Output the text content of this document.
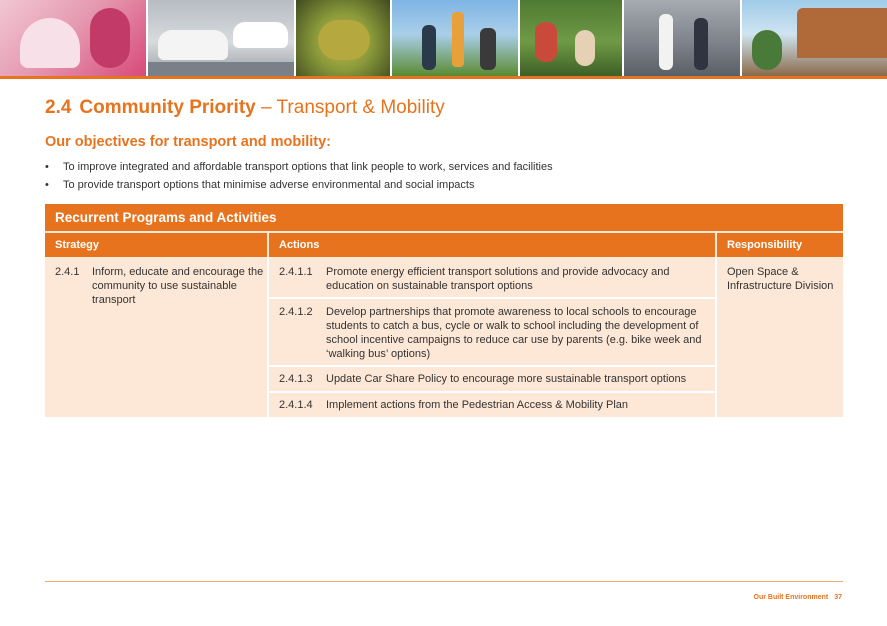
2.4 Community Priority – Transport & Mobility
Our objectives for transport and mobility:
• To improve integrated and affordable transport options that link people to work, services and facilities
• To provide transport options that minimise adverse environmental and social impacts
Recurrent Programs and Activities
Strategy	Actions	Responsibility
2.4.1 Inform, educate and encourage the community to use sustainable transport
2.4.1.1 Promote energy efficient transport solutions and provide advocacy and education on sustainable transport options
2.4.1.2 Develop partnerships that promote awareness to local schools to encourage students to catch a bus, cycle or walk to school including the development of school incentive campaigns to reduce car use by parents (e.g. bike week and ‘walking bus’ options)
2.4.1.3 Update Car Share Policy to encourage more sustainable transport options
2.4.1.4 Implement actions from the Pedestrian Access & Mobility Plan
Open Space & Infrastructure Division
Our Built Environment 37
